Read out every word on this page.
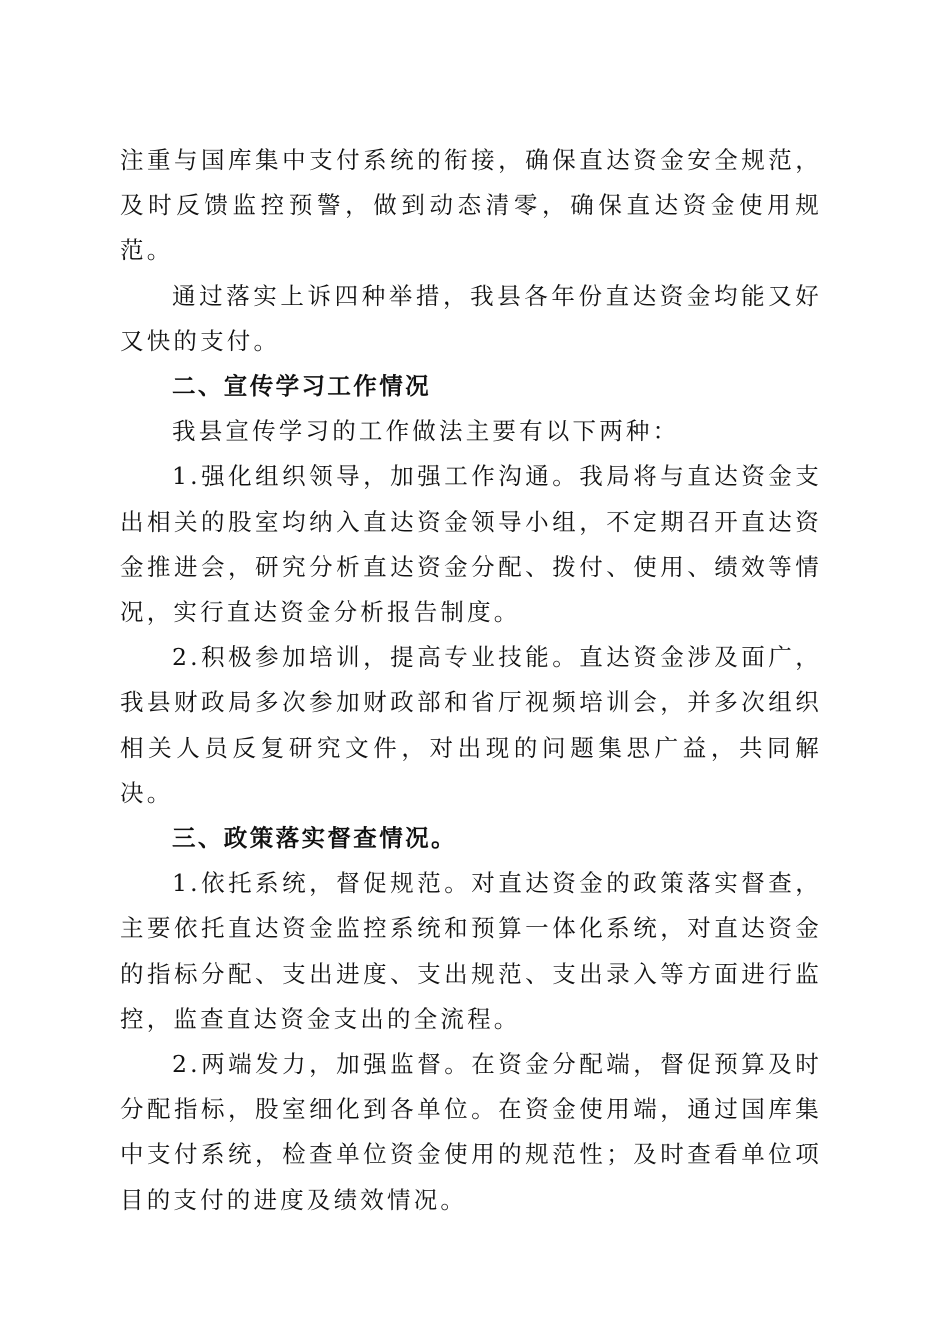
注重与国库集中支付系统的衔接，确保直达资金安全规范，及时反馈监控预警，做到动态清零，确保直达资金使用规范。

通过落实上诉四种举措，我县各年份直达资金均能又好又快的支付。

二、宣传学习工作情况

我县宣传学习的工作做法主要有以下两种：

1.强化组织领导，加强工作沟通。我局将与直达资金支出相关的股室均纳入直达资金领导小组，不定期召开直达资金推进会，研究分析直达资金分配、拨付、使用、绩效等情况，实行直达资金分析报告制度。

2.积极参加培训，提高专业技能。直达资金涉及面广，我县财政局多次参加财政部和省厅视频培训会，并多次组织相关人员反复研究文件，对出现的问题集思广益，共同解决。

三、政策落实督查情况。

1.依托系统，督促规范。对直达资金的政策落实督查，主要依托直达资金监控系统和预算一体化系统，对直达资金的指标分配、支出进度、支出规范、支出录入等方面进行监控，监查直达资金支出的全流程。

2.两端发力，加强监督。在资金分配端，督促预算及时分配指标，股室细化到各单位。在资金使用端，通过国库集中支付系统，检查单位资金使用的规范性；及时查看单位项目的支付的进度及绩效情况。
